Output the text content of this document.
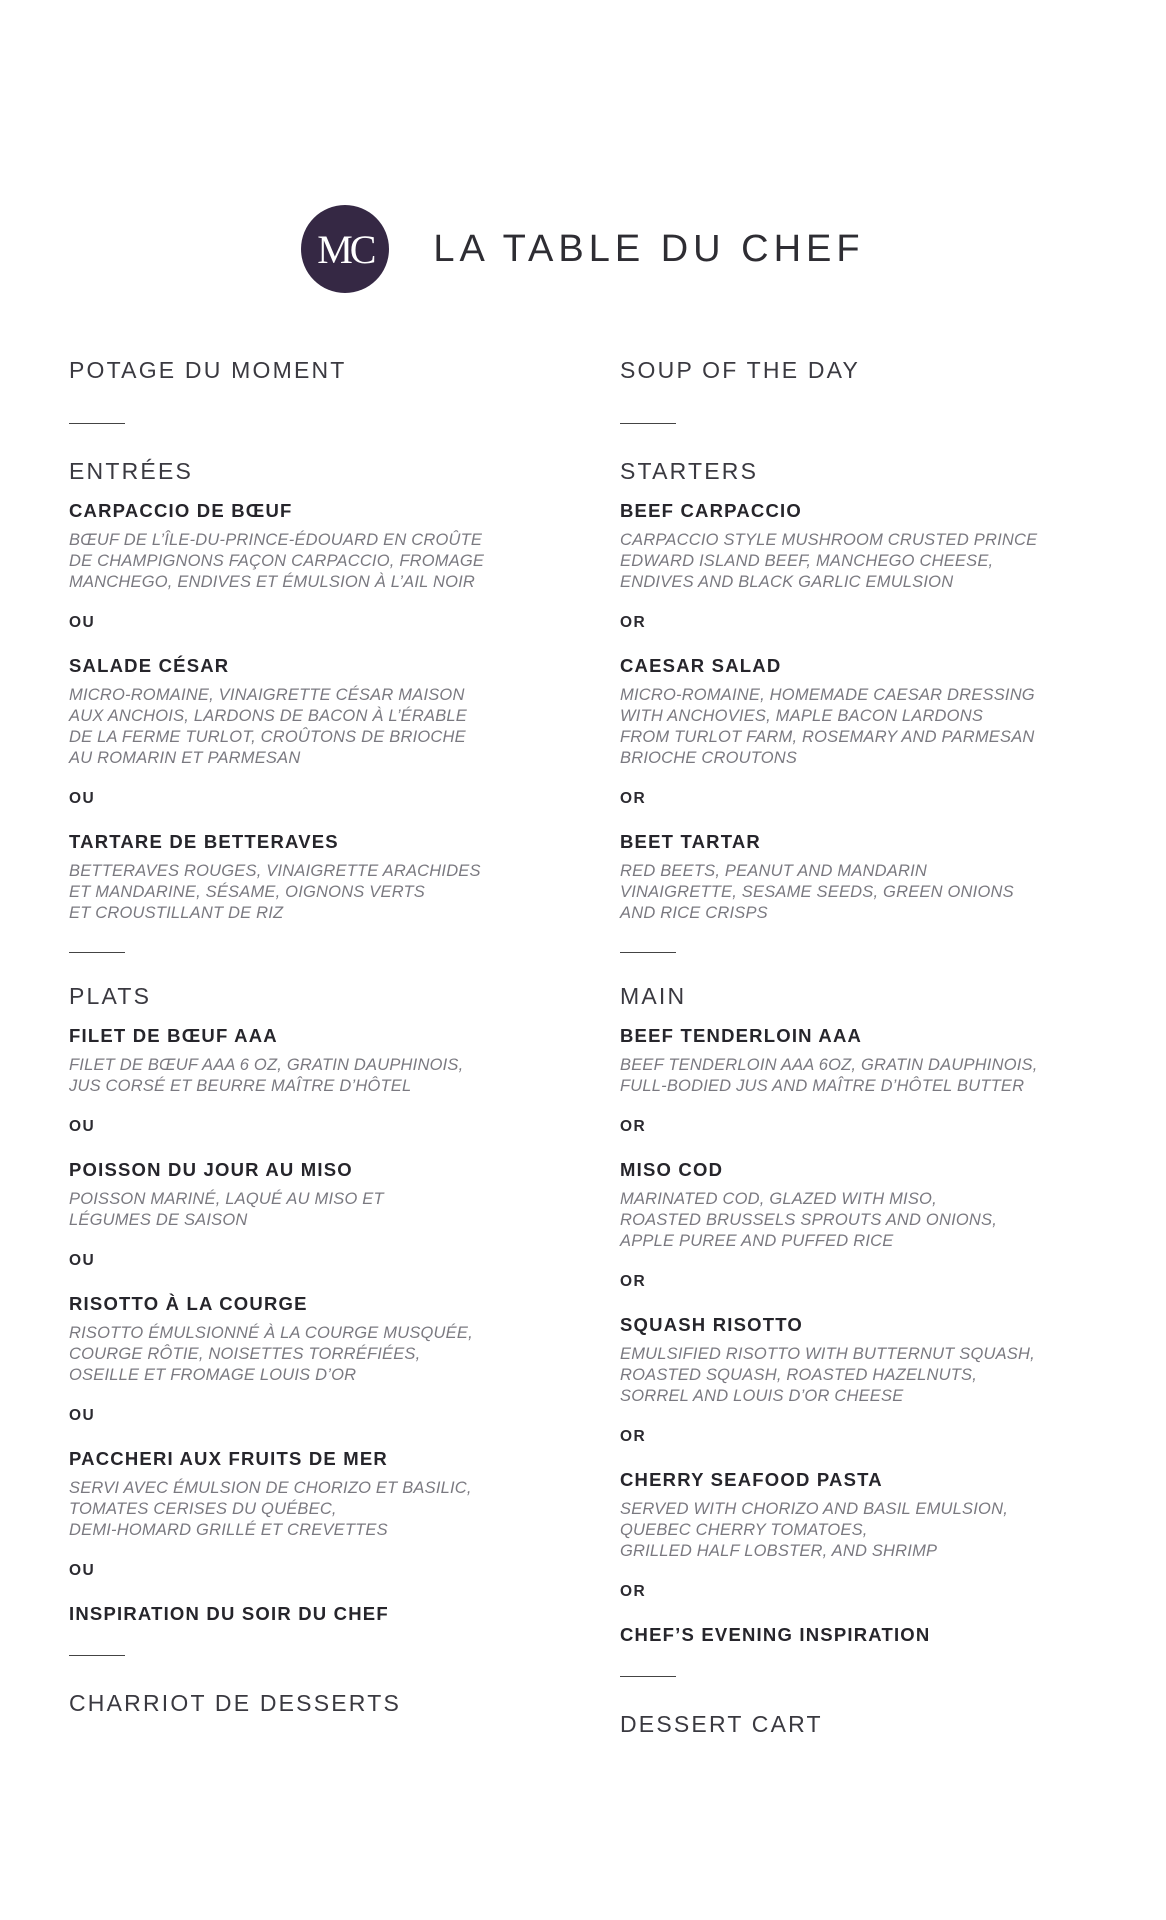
MC LA TABLE DU CHEF
POTAGE DU MOMENT
ENTRÉES
CARPACCIO DE BŒUF
BŒUF DE L’ÎLE-DU-PRINCE-ÉDOUARD EN CROÛTE
DE CHAMPIGNONS FAÇON CARPACCIO, FROMAGE
MANCHEGO, ENDIVES ET ÉMULSION À L’AIL NOIR
OU
SALADE CÉSAR
MICRO-ROMAINE, VINAIGRETTE CÉSAR MAISON
AUX ANCHOIS, LARDONS DE BACON À L’ÉRABLE
DE LA FERME TURLOT, CROÛTONS DE BRIOCHE
AU ROMARIN ET PARMESAN
OU
TARTARE DE BETTERAVES
BETTERAVES ROUGES, VINAIGRETTE ARACHIDES
ET MANDARINE, SÉSAME, OIGNONS VERTS
ET CROUSTILLANT DE RIZ
PLATS
FILET DE BŒUF AAA
FILET DE BŒUF AAA 6 OZ, GRATIN DAUPHINOIS,
JUS CORSÉ ET BEURRE MAÎTRE D’HÔTEL
OU
POISSON DU JOUR AU MISO
POISSON MARINÉ, LAQUÉ AU MISO ET
LÉGUMES DE SAISON
OU
RISOTTO À LA COURGE
RISOTTO ÉMULSIONNÉ À LA COURGE MUSQUÉE,
COURGE RÔTIE, NOISETTES TORRÉFIÉES,
OSEILLE ET FROMAGE LOUIS D’OR
OU
PACCHERI AUX FRUITS DE MER
SERVI AVEC ÉMULSION DE CHORIZO ET BASILIC,
TOMATES CERISES DU QUÉBEC,
DEMI-HOMARD GRILLÉ ET CREVETTES
OU
INSPIRATION DU SOIR DU CHEF
CHARRIOT DE DESSERTS
SOUP OF THE DAY
STARTERS
BEEF CARPACCIO
CARPACCIO STYLE MUSHROOM CRUSTED PRINCE
EDWARD ISLAND BEEF, MANCHEGO CHEESE,
ENDIVES AND BLACK GARLIC EMULSION
OR
CAESAR SALAD
MICRO-ROMAINE, HOMEMADE CAESAR DRESSING
WITH ANCHOVIES, MAPLE BACON LARDONS
FROM TURLOT FARM, ROSEMARY AND PARMESAN
BRIOCHE CROUTONS
OR
BEET TARTAR
RED BEETS, PEANUT AND MANDARIN
VINAIGRETTE, SESAME SEEDS, GREEN ONIONS
AND RICE CRISPS
MAIN
BEEF TENDERLOIN AAA
BEEF TENDERLOIN AAA 6OZ, GRATIN DAUPHINOIS,
FULL-BODIED JUS AND MAÎTRE D’HÔTEL BUTTER
OR
MISO COD
MARINATED COD, GLAZED WITH MISO,
ROASTED BRUSSELS SPROUTS AND ONIONS,
APPLE PUREE AND PUFFED RICE
OR
SQUASH RISOTTO
EMULSIFIED RISOTTO WITH BUTTERNUT SQUASH,
ROASTED SQUASH, ROASTED HAZELNUTS,
SORREL AND LOUIS D’OR CHEESE
OR
CHERRY SEAFOOD PASTA
SERVED WITH CHORIZO AND BASIL EMULSION,
QUEBEC CHERRY TOMATOES,
GRILLED HALF LOBSTER, AND SHRIMP
OR
CHEF’S EVENING INSPIRATION
DESSERT CART
